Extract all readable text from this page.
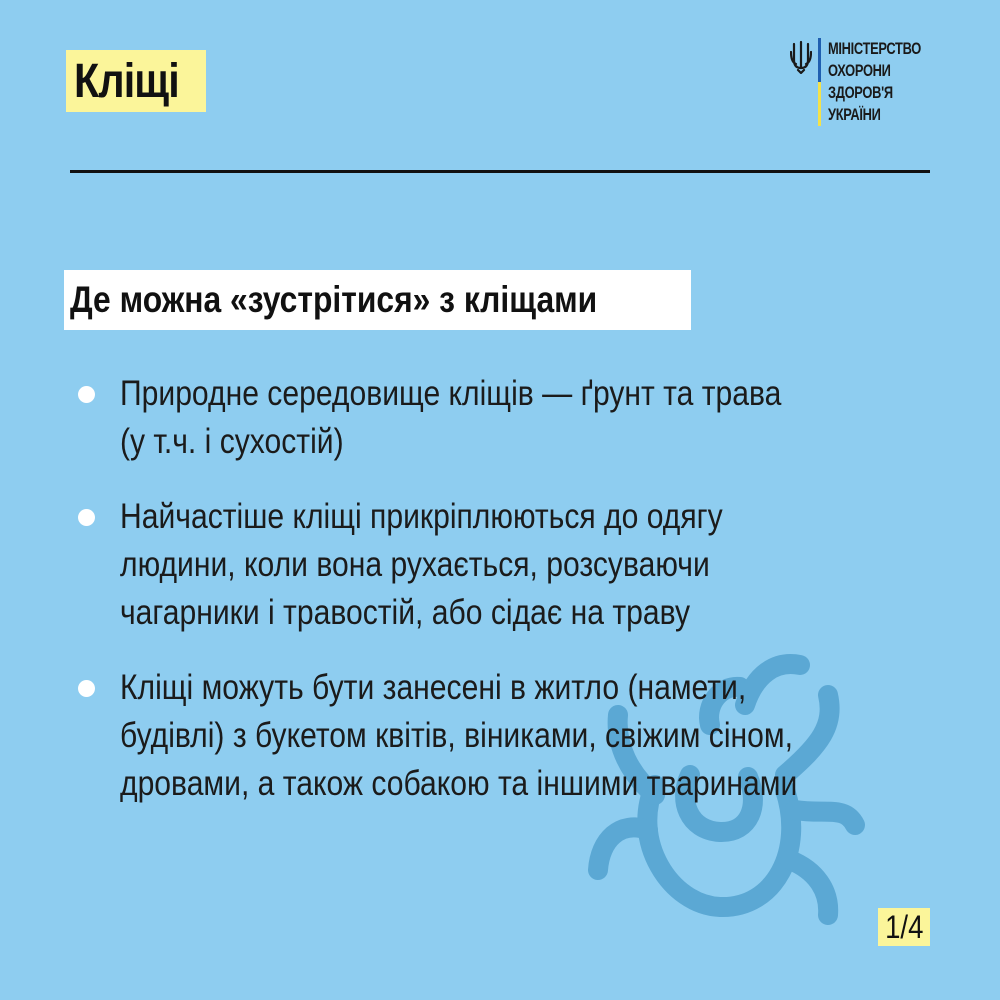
Кліщі
МІНІСТЕРСТВО
ОХОРОНИ
ЗДОРОВ'Я
УКРАЇНИ
Де можна «зустрітися» з кліщами
Природне середовище кліщів — ґрунт та трава
(у т.ч. і сухостій)
Найчастіше кліщі прикріплюються до одягу
людини, коли вона рухається, розсуваючи
чагарники і травостій, або сідає на траву
Кліщі можуть бути занесені в житло (намети,
будівлі) з букетом квітів, віниками, свіжим сіном,
дровами, а також собакою та іншими тваринами
1/4
